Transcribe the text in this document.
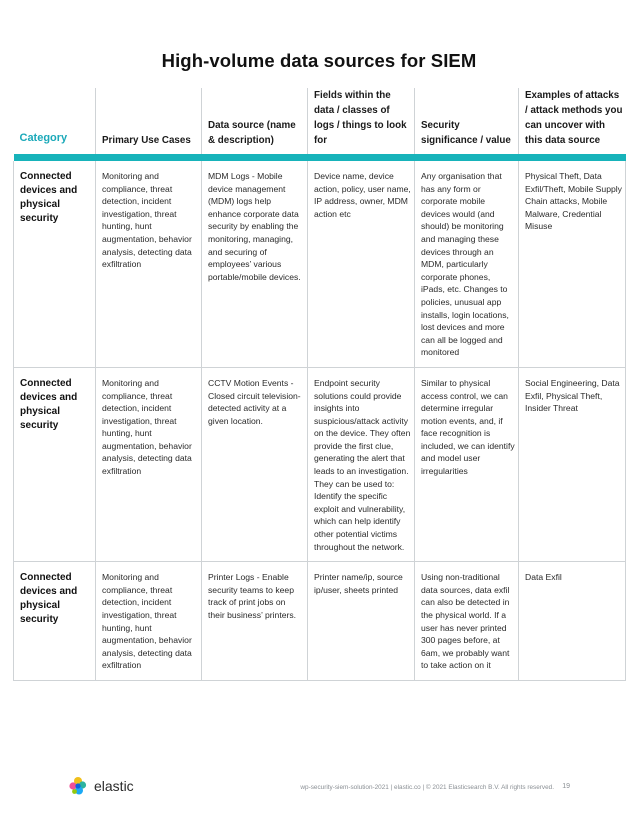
High-volume data sources for SIEM
Category	Primary Use Cases	Data source (name & description)	Fields within the data / classes of logs / things to look for	Security significance / value	Examples of attacks / attack methods you can uncover with this data source

Connected devices and physical security	Monitoring and compliance, threat detection, incident investigation, threat hunting, hunt augmentation, behavior analysis, detecting data exfiltration	MDM Logs - Mobile device management (MDM) logs help enhance corporate data security by enabling the monitoring, managing, and securing of employees’ various portable/mobile devices.	Device name, device action, policy, user name, IP address, owner, MDM action etc	Any organisation that has any form or corporate mobile devices would (and should) be monitoring and managing these devices through an MDM, particularly corporate phones, iPads, etc. Changes to policies, unusual app installs, login locations, lost devices and more can all be logged and monitored	Physical Theft, Data Exfil/Theft, Mobile Supply Chain attacks, Mobile Malware, Credential Misuse
Connected devices and physical security	Monitoring and compliance, threat detection, incident investigation, threat hunting, hunt augmentation, behavior analysis, detecting data exfiltration	CCTV Motion Events - Closed circuit television-detected activity at a given location.	Endpoint security solutions could provide insights into suspicious/attack activity on the device. They often provide the first clue, generating the alert that leads to an investigation. They can be used to: Identify the specific exploit and vulnerability, which can help identify other potential victims throughout the network.	Similar to physical access control, we can determine irregular motion events, and, if face recognition is included, we can identify and model user irregularities	Social Engineering, Data Exfil, Physical Theft, Insider Threat
Connected devices and physical security	Monitoring and compliance, threat detection, incident investigation, threat hunting, hunt augmentation, behavior analysis, detecting data exfiltration	Printer Logs - Enable security teams to keep track of print jobs on their business’ printers.	Printer name/ip, source ip/user, sheets printed	Using non-traditional data sources, data exfil can also be detected in the physical world. If a user has never printed 300 pages before, at 6am, we probably want to take action on it	Data Exfil
elastic	wp-security-siem-solution-2021 | elastic.co | © 2021 Elasticsearch B.V. All rights reserved.	19
